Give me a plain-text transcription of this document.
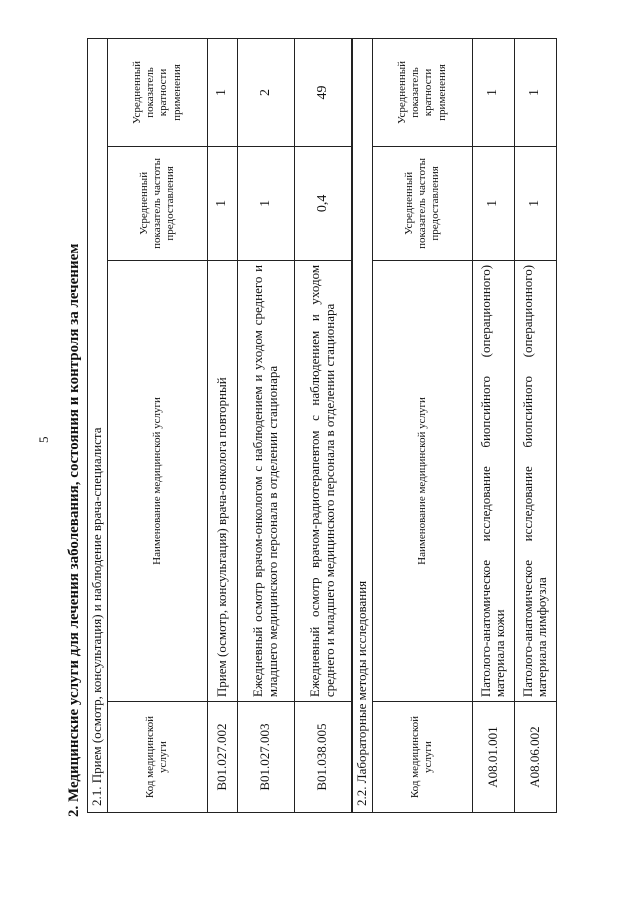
5 2. Медицинские услуги для лечения заболевания, состояния и контроля за лечением 2.1. Прием (осмотр, консультация) и наблюдение врача-специалиста			
Код медицинской услуги	Наименование медицинской услуги	Усредненный показатель частоты предоставления	Усредненный показатель кратности применения
B01.027.002	Прием (осмотр, консультация) врача-онколога повторный	1	1
B01.027.003	Ежедневный осмотр врачом-онкологом с наблюдением и уходом среднего и младшего медицинского персонала в отделении стационара	1	2
B01.038.005	Ежедневный осмотр врачом-радиотерапевтом с наблюдением и уходом среднего и младшего медицинского персонала в отделении стационара	0,4	49
2.2. Лабораторные методы исследования			
Код медицинской услуги	Наименование медицинской услуги	Усредненный показатель частоты предоставления	Усредненный показатель кратности применения
A08.01.001	Патолого-анатомическое исследование биопсийного (операционного) материала кожи	1	1
A08.06.002	Патолого-анатомическое исследование биопсийного (операционного) материала лимфоузла	1	1
